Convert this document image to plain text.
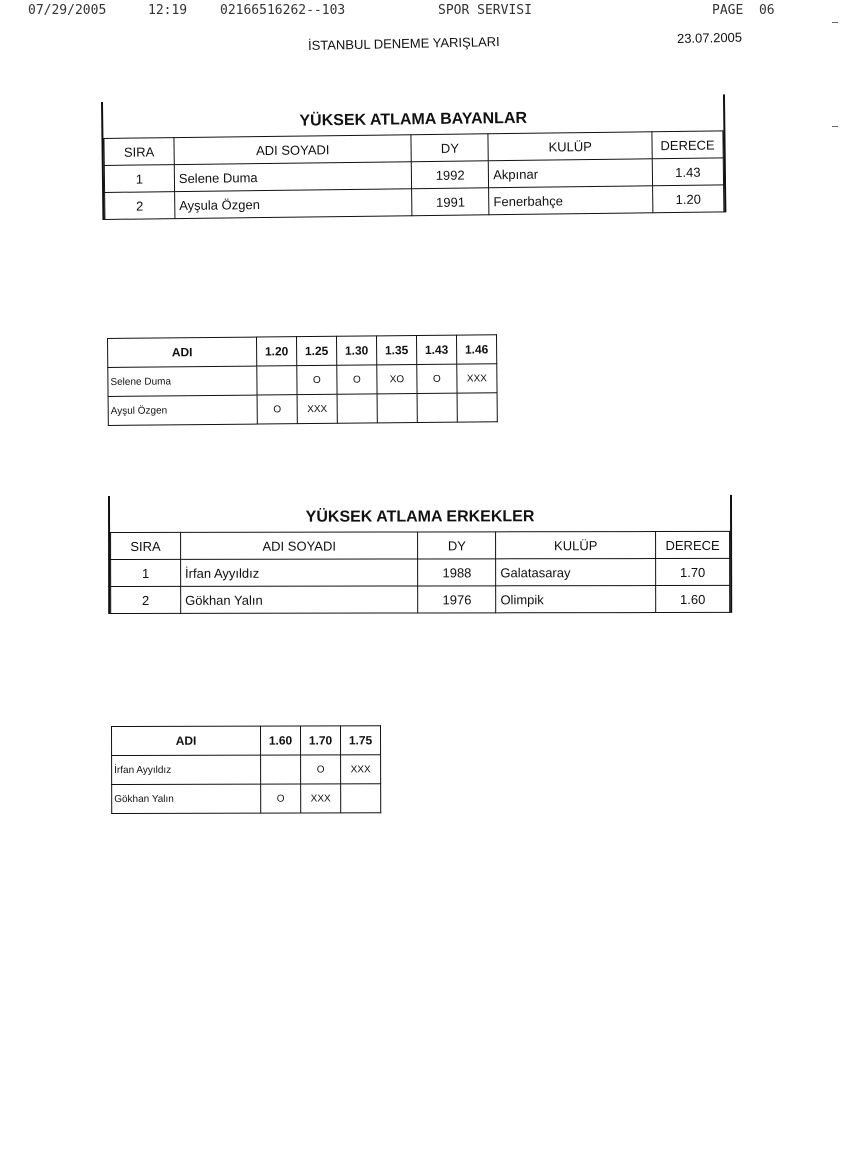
07/29/2005	12:19	02166516262--103	SPOR SERVISI	PAGE  06
İSTANBUL DENEME YARIŞLARI	23.07.2005
YÜKSEK ATLAMA BAYANLAR
SIRA	ADI SOYADI	DY	KULÜP	DERECE
1	Selene Duma	1992	Akpınar	1.43
2	Ayşula Özgen	1991	Fenerbahçe	1.20
ADI	1.20	1.25	1.30	1.35	1.43	1.46
Selene Duma		O	O	XO	O	XXX
Ayşul Özgen	O	XXX				
YÜKSEK ATLAMA ERKEKLER
SIRA	ADI SOYADI	DY	KULÜP	DERECE
1	İrfan Ayyıldız	1988	Galatasaray	1.70
2	Gökhan Yalın	1976	Olimpik	1.60
ADI	1.60	1.70	1.75
İrfan Ayyıldız		O	XXX
Gökhan Yalın	O	XXX	
